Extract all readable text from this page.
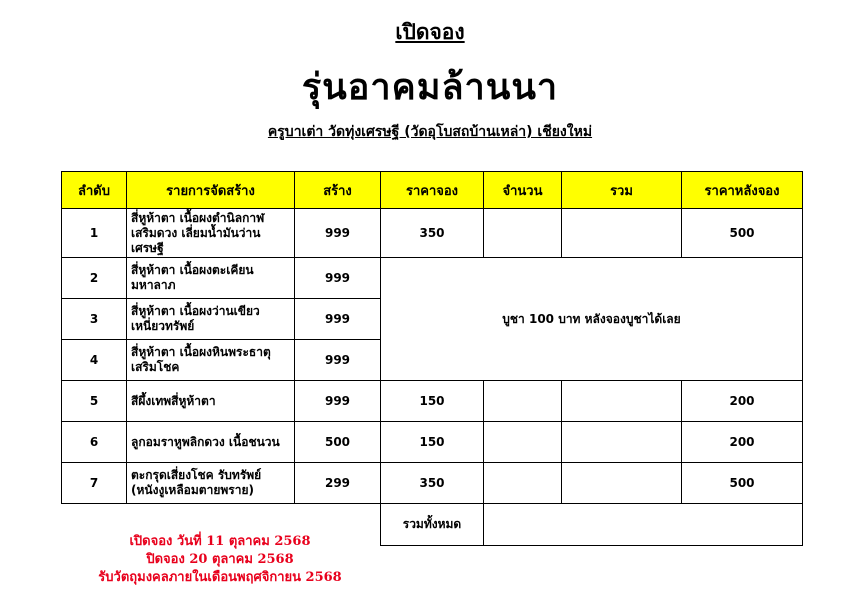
เปิดจอง
รุ่นอาคมล้านนา
ครูบาเต่า วัดทุ่งเศรษฐี (วัดอุโบสถบ้านเหล่า) เชียงใหม่
ลำดับ	รายการจัดสร้าง	สร้าง	ราคาจอง	จำนวน	รวม	ราคาหลังจอง
1	สี่หูห้าตา เนื้อผงตำนิลกาฬ เสริมดวง เลี่ยมน้ำมันว่านเศรษฐี	999	350			500
2	สี่หูห้าตา เนื้อผงตะเคียน มหาลาภ	999	บูชา 100 บาท หลังจองบูชาได้เลย			
3	สี่หูห้าตา เนื้อผงว่านเขียว เหนี่ยวทรัพย์	999				
4	สี่หูห้าตา เนื้อผงหินพระธาตุ เสริมโชค	999				
5	สีผึ้งเทพสี่หูห้าตา	999	150			200
6	ลูกอมราหูพลิกดวง เนื้อชนวน	500	150			200
7	ตะกรุดเสี่ยงโชค รับทรัพย์ (หนังงูเหลือมตายพราย)	299	350			500
			รวมทั้งหมด			
เปิดจอง วันที่ 11 ตุลาคม 2568
ปิดจอง 20 ตุลาคม 2568
รับวัตถุมงคลภายในเดือนพฤศจิกายน 2568
